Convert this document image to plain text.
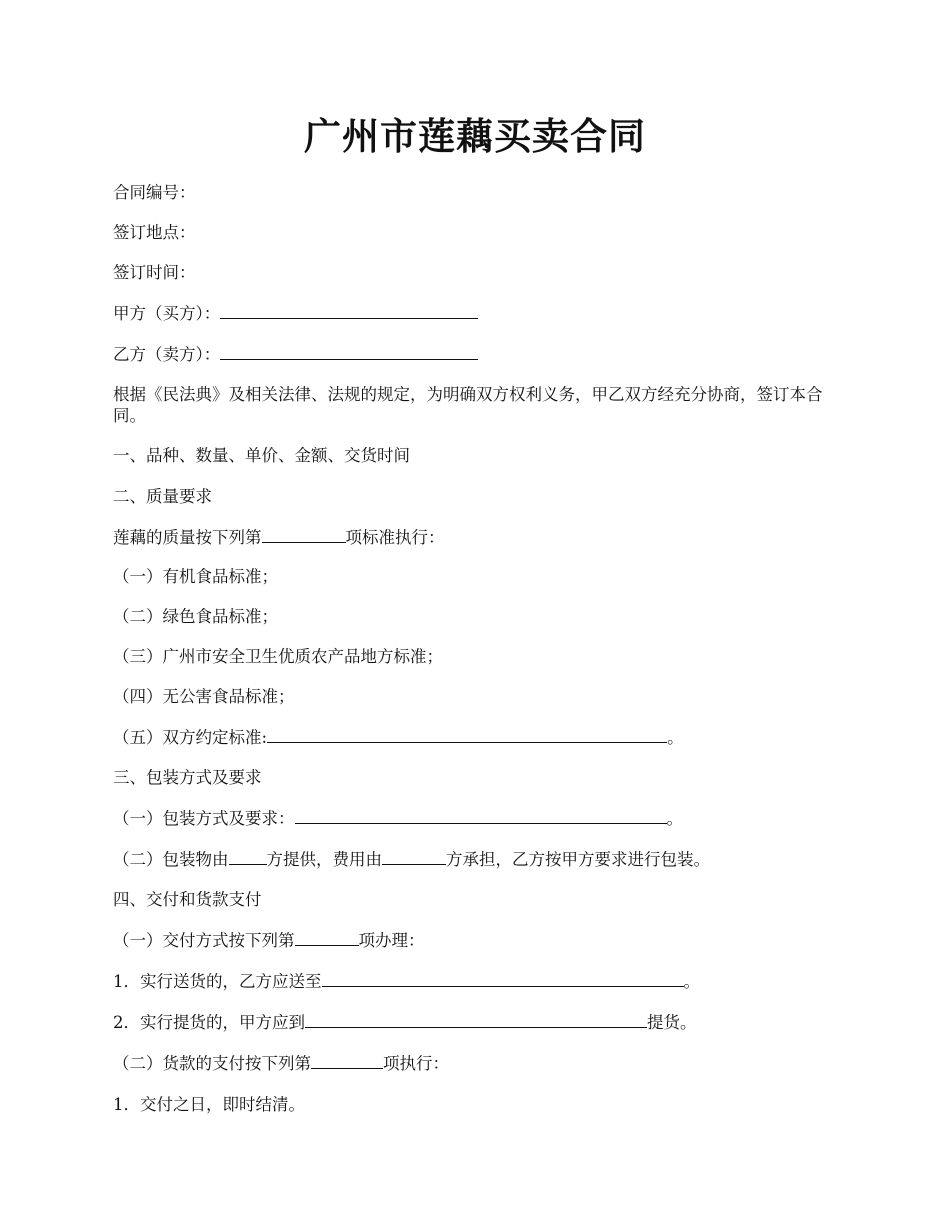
广州市莲藕买卖合同
合同编号：
签订地点：
签订时间：
甲方（买方）：
乙方（卖方）：
根据《民法典》及相关法律、法规的规定，为明确双方权利义务，甲乙双方经充分协商，签订本合同。
一、品种、数量、单价、金额、交货时间
二、质量要求
莲藕的质量按下列第	项标准执行：
（一）有机食品标准；
（二）绿色食品标准；
（三）广州市安全卫生优质农产品地方标准；
（四）无公害食品标准；
（五）双方约定标准:	。
三、包装方式及要求
（一）包装方式及要求：	。
（二）包装物由 方提供，费用由	方承担，乙方按甲方要求进行包装。
四、交付和货款支付
（一）交付方式按下列第	项办理：
1．实行送货的，乙方应送至	。
2．实行提货的，甲方应到	提货。
（二）货款的支付按下列第	项执行：
1．交付之日，即时结清。
